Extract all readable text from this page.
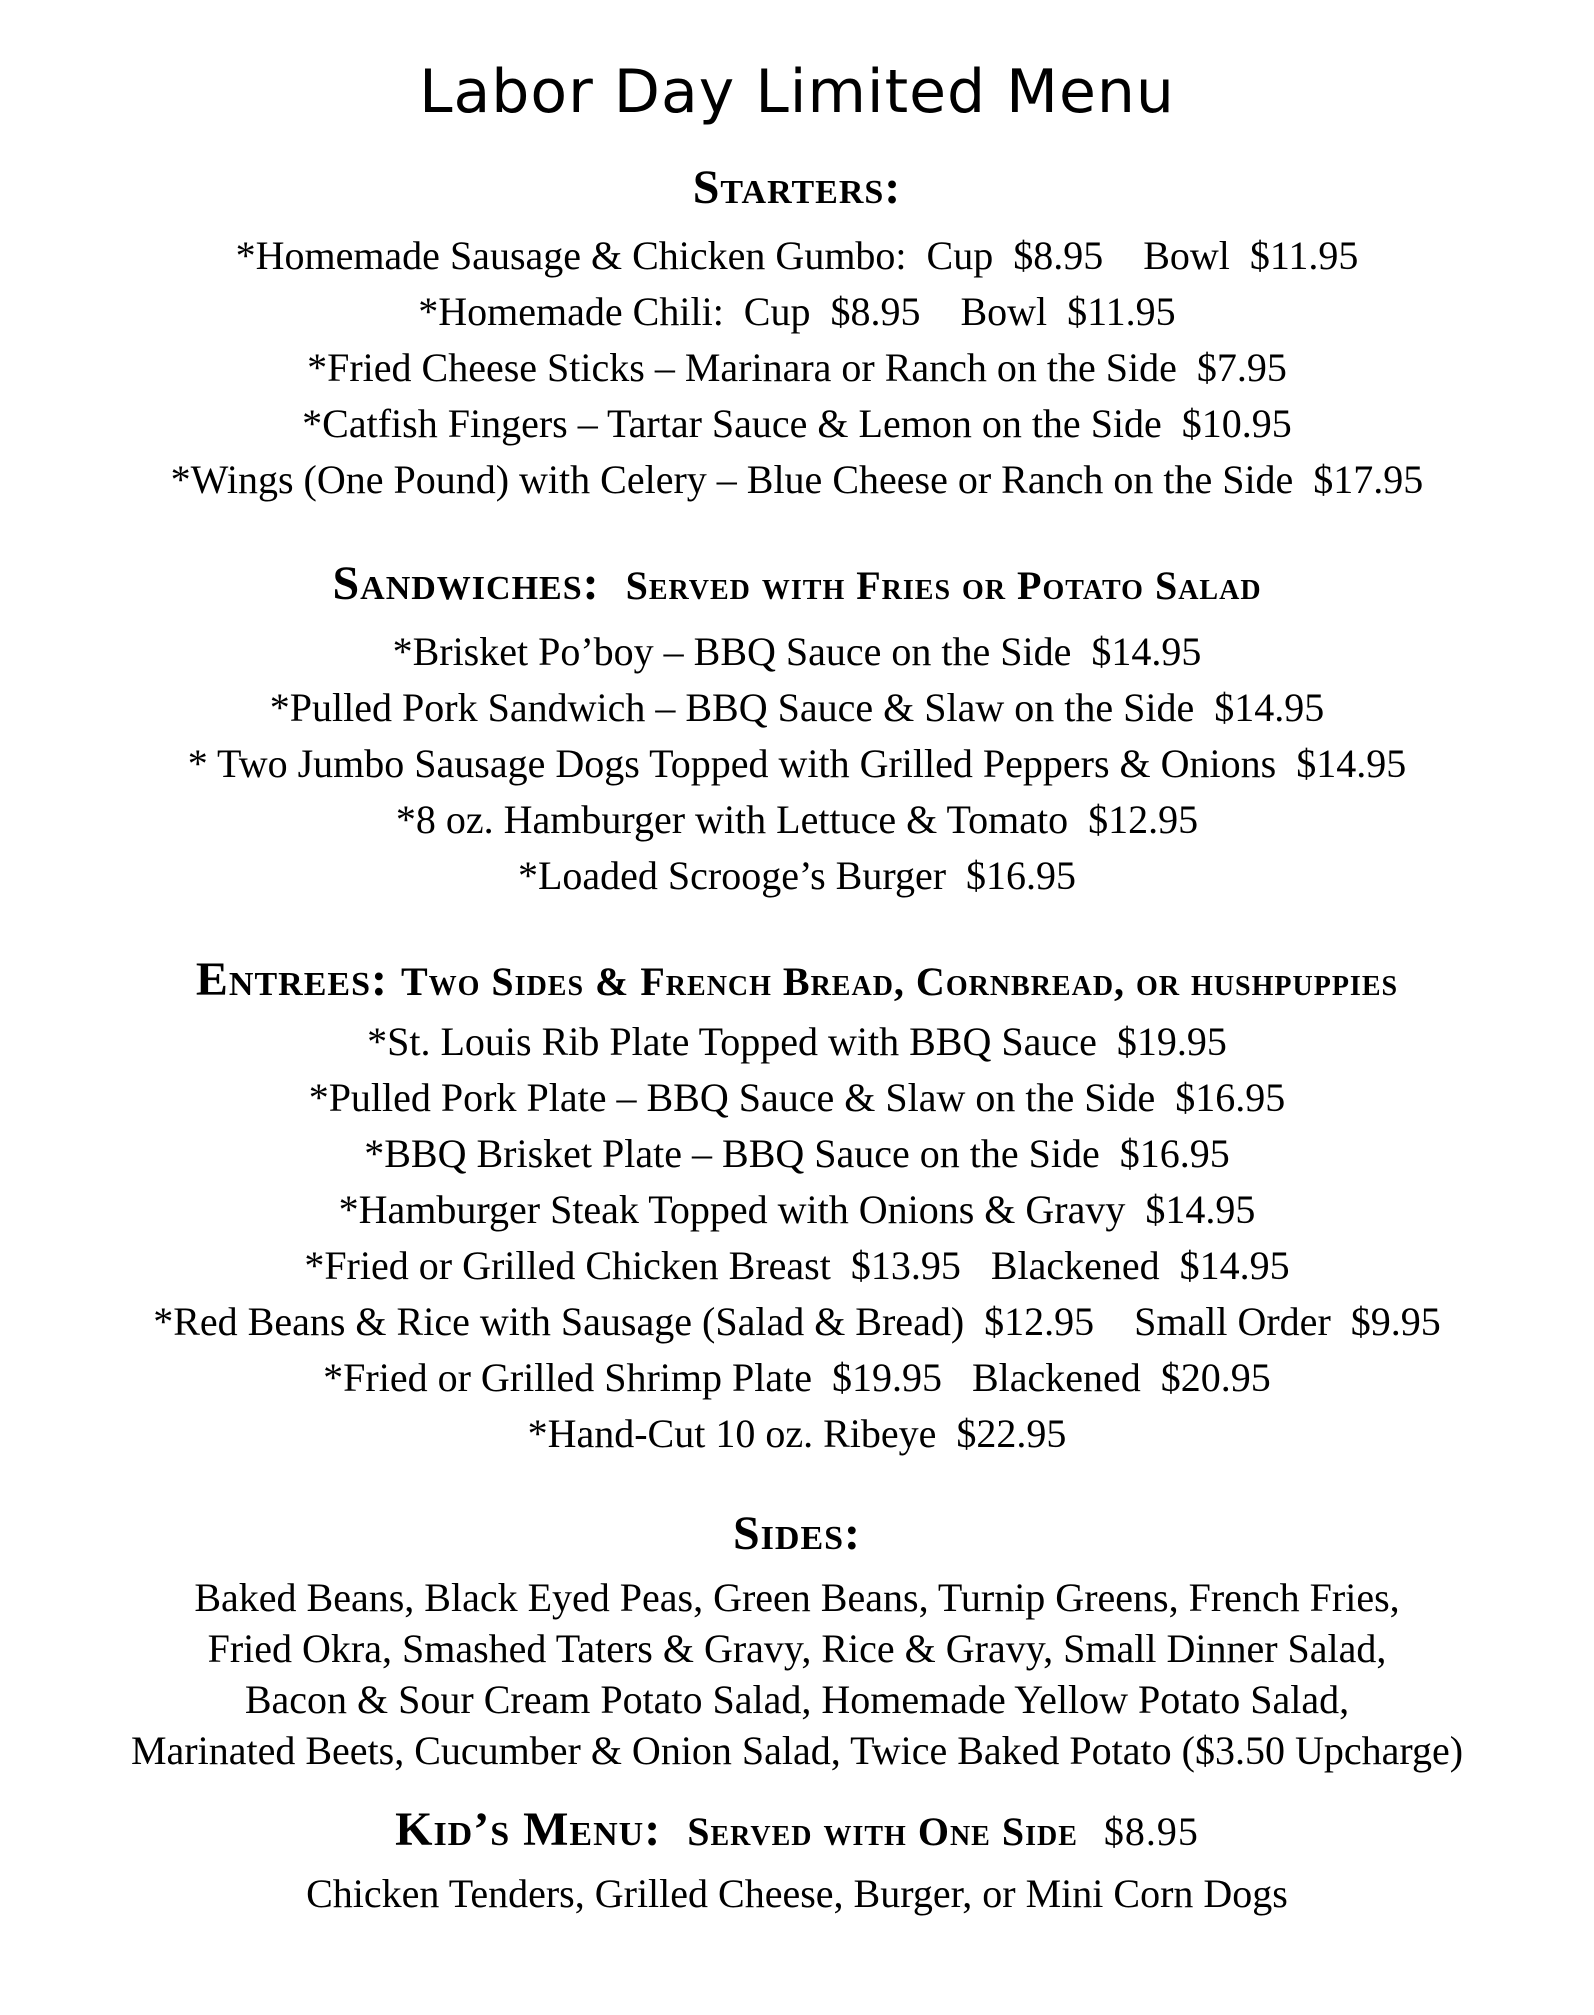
Labor Day Limited Menu
Starters:

*Homemade Sausage & Chicken Gumbo:  Cup  $8.95    Bowl  $11.95

*Homemade Chili:  Cup  $8.95    Bowl  $11.95

*Fried Cheese Sticks – Marinara or Ranch on the Side  $7.95

*Catfish Fingers – Tartar Sauce & Lemon on the Side  $10.95

*Wings (One Pound) with Celery – Blue Cheese or Ranch on the Side  $17.95

Sandwiches: Served with Fries or Potato Salad

*Brisket Po’boy – BBQ Sauce on the Side  $14.95

*Pulled Pork Sandwich – BBQ Sauce & Slaw on the Side  $14.95

* Two Jumbo Sausage Dogs Topped with Grilled Peppers & Onions  $14.95

*8 oz. Hamburger with Lettuce & Tomato  $12.95

*Loaded Scrooge’s Burger  $16.95

Entrees: Two Sides & French Bread, Cornbread, or hushpuppies

*St. Louis Rib Plate Topped with BBQ Sauce  $19.95

*Pulled Pork Plate – BBQ Sauce & Slaw on the Side  $16.95

*BBQ Brisket Plate – BBQ Sauce on the Side  $16.95

*Hamburger Steak Topped with Onions & Gravy  $14.95

*Fried or Grilled Chicken Breast  $13.95   Blackened  $14.95

*Red Beans & Rice with Sausage (Salad & Bread)  $12.95    Small Order  $9.95

*Fried or Grilled Shrimp Plate  $19.95   Blackened  $20.95

*Hand-Cut 10 oz. Ribeye  $22.95

Sides:

Baked Beans, Black Eyed Peas, Green Beans, Turnip Greens, French Fries,

Fried Okra, Smashed Taters & Gravy, Rice & Gravy, Small Dinner Salad,

Bacon & Sour Cream Potato Salad, Homemade Yellow Potato Salad,

Marinated Beets, Cucumber & Onion Salad, Twice Baked Potato ($3.50 Upcharge)

Kid’s Menu: Served with One Side $8.95

Chicken Tenders, Grilled Cheese, Burger, or Mini Corn Dogs
